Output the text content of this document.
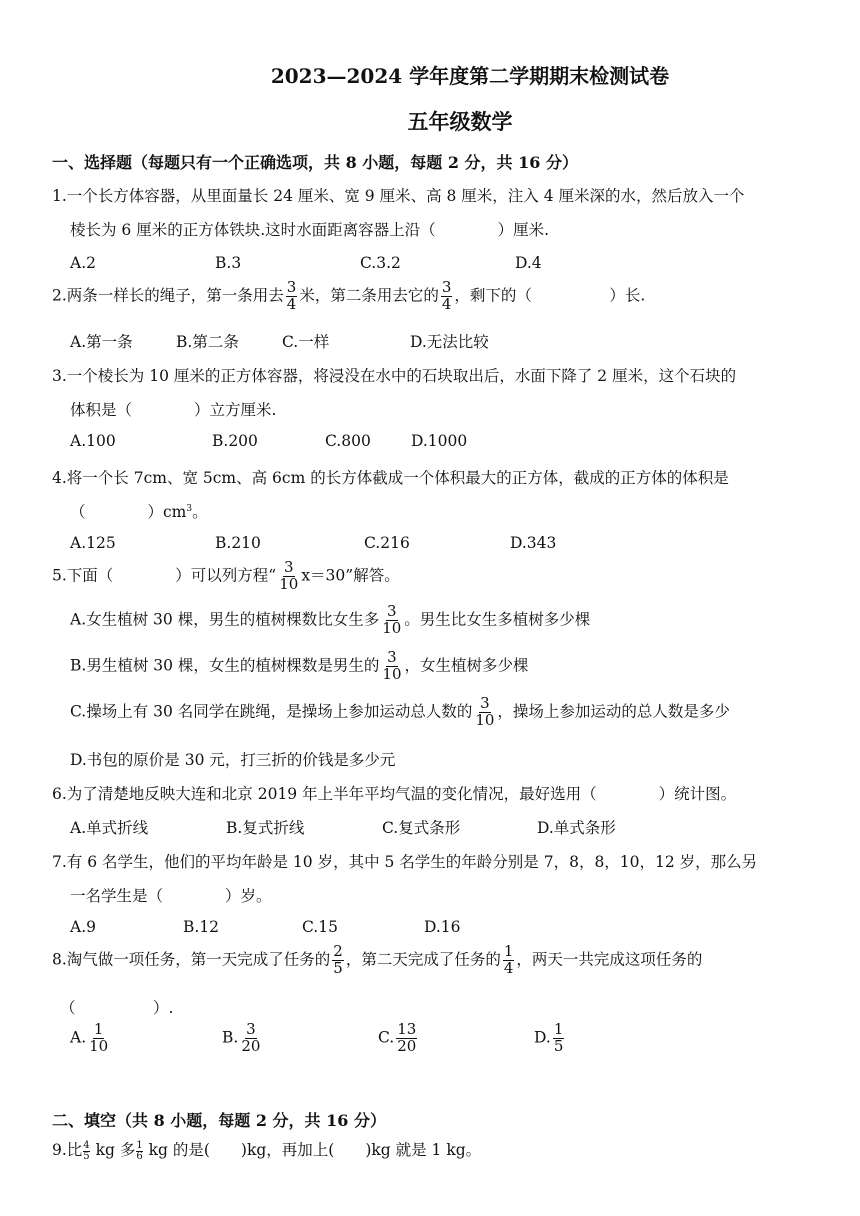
2023—2024 学年度第二学期期末检测试卷
五年级数学
一、选择题（每题只有一个正确选项，共 8 小题，每题 2 分，共 16 分）
1.一个长方体容器，从里面量长 24 厘米、宽 9 厘米、高 8 厘米，注入 4 厘米深的水，然后放入一个
棱长为 6 厘米的正方体铁块.这时水面距离容器上沿（　　　　）厘米.
A.2	B.3	C.3.2	D.4
2.两条一样长的绳子，第一条用去 $\frac{3}{4}$ 米，第二条用去它的 $\frac{3}{4}$ ，剩下的（　　　　　）长.
A.第一条	B.第二条	C.一样	D.无法比较
3.一个棱长为 10 厘米的正方体容器，将浸没在水中的石块取出后，水面下降了 2 厘米，这个石块的
体积是（　　　　）立方厘米.
A.100	B.200	C.800	D.1000
4.将一个长 7cm、宽 5cm、高 6cm 的长方体截成一个体积最大的正方体，截成的正方体的体积是
（　　　　）$cm^3$。
A.125	B.210	C.216	D.343
5.下面（　　　　）可以列方程“ $\frac{3}{10} x=30$”解答。
A.女生植树 30 棵，男生的植树棵数比女生多 $\frac{3}{10}$ 。男生比女生多植树多少棵
B.男生植树 30 棵，女生的植树棵数是男生的 $\frac{3}{10}$ ，女生植树多少棵
C.操场上有 30 名同学在跳绳，是操场上参加运动总人数的 $\frac{3}{10}$ ，操场上参加运动的总人数是多少
D.书包的原价是 30 元，打三折的价钱是多少元
6.为了清楚地反映大连和北京 2019 年上半年平均气温的变化情况，最好选用（　　　　）统计图。
A.单式折线	B.复式折线	C.复式条形	D.单式条形
7.有 6 名学生，他们的平均年龄是 10 岁，其中 5 名学生的年龄分别是 7，8，8，10，12 岁，那么另
一名学生是（　　　　）岁。
A.9	B.12	C.15	D.16
8.淘气做一项任务，第一天完成了任务的 $\frac{2}{5}$ ，第二天完成了任务的 $\frac{1}{4}$ ，两天一共完成这项任务的
（　　　　　）.
A. $\frac{1}{10}$	B. $\frac{3}{20}$	C. $\frac{13}{20}$	D. $\frac{1}{5}$
二、填空（共 8 小题，每题 2 分，共 16 分）
9.比 $\frac{4}{5}$ kg 多 $\frac{1}{6}$ kg 的是(　　)kg，再加上(　　)kg 就是 1 kg。
